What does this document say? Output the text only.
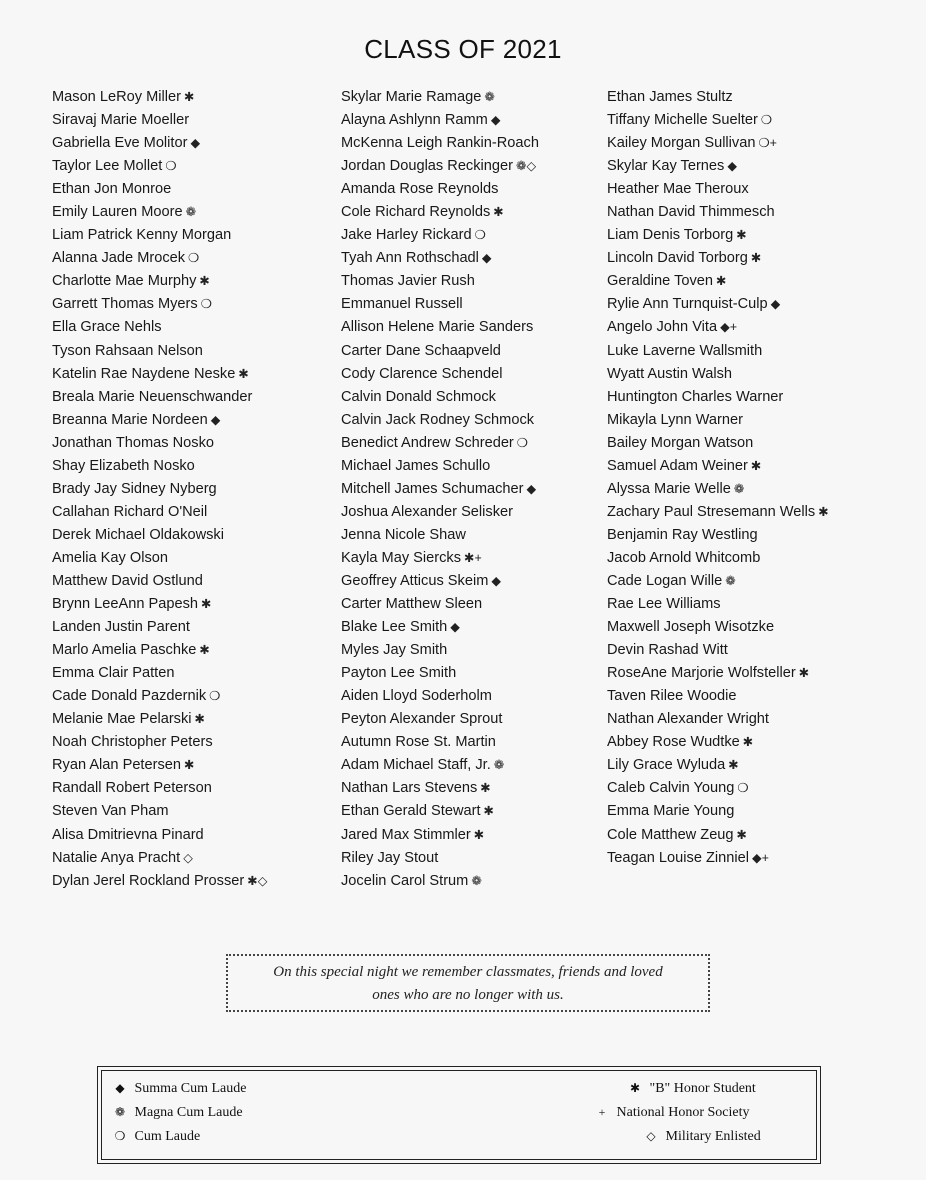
CLASS OF 2021
Mason LeRoy Miller ✱
Siravaj Marie Moeller
Gabriella Eve Molitor ◆
Taylor Lee Mollet ❍
Ethan Jon Monroe
Emily Lauren Moore ❁
Liam Patrick Kenny Morgan
Alanna Jade Mrocek ❍
Charlotte Mae Murphy ✱
Garrett Thomas Myers ❍
Ella Grace Nehls
Tyson Rahsaan Nelson
Katelin Rae Naydene Neske ✱
Breala Marie Neuenschwander
Breanna Marie Nordeen ◆
Jonathan Thomas Nosko
Shay Elizabeth Nosko
Brady Jay Sidney Nyberg
Callahan Richard O'Neil
Derek Michael Oldakowski
Amelia Kay Olson
Matthew David Ostlund
Brynn LeeAnn Papesh ✱
Landen Justin Parent
Marlo Amelia Paschke ✱
Emma Clair Patten
Cade Donald Pazdernik ❍
Melanie Mae Pelarski ✱
Noah Christopher Peters
Ryan Alan Petersen ✱
Randall Robert Peterson
Steven Van Pham
Alisa Dmitrievna Pinard
Natalie Anya Pracht ◇
Dylan Jerel Rockland Prosser ✱◇
Skylar Marie Ramage ❁
Alayna Ashlynn Ramm ◆
McKenna Leigh Rankin-Roach
Jordan Douglas Reckinger ❁◇
Amanda Rose Reynolds
Cole Richard Reynolds ✱
Jake Harley Rickard ❍
Tyah Ann Rothschadl ◆
Thomas Javier Rush
Emmanuel Russell
Allison Helene Marie Sanders
Carter Dane Schaapveld
Cody Clarence Schendel
Calvin Donald Schmock
Calvin Jack Rodney Schmock
Benedict Andrew Schreder ❍
Michael James Schullo
Mitchell James Schumacher ◆
Joshua Alexander Selisker
Jenna Nicole Shaw
Kayla May Siercks ✱+
Geoffrey Atticus Skeim ◆
Carter Matthew Sleen
Blake Lee Smith ◆
Myles Jay Smith
Payton Lee Smith
Aiden Lloyd Soderholm
Peyton Alexander Sprout
Autumn Rose St. Martin
Adam Michael Staff, Jr. ❁
Nathan Lars Stevens ✱
Ethan Gerald Stewart ✱
Jared Max Stimmler ✱
Riley Jay Stout
Jocelin Carol Strum ❁
Ethan James Stultz
Tiffany Michelle Suelter ❍
Kailey Morgan Sullivan ❍+
Skylar Kay Ternes ◆
Heather Mae Theroux
Nathan David Thimmesch
Liam Denis Torborg ✱
Lincoln David Torborg ✱
Geraldine Toven ✱
Rylie Ann Turnquist-Culp ◆
Angelo John Vita ◆+
Luke Laverne Wallsmith
Wyatt Austin Walsh
Huntington Charles Warner
Mikayla Lynn Warner
Bailey Morgan Watson
Samuel Adam Weiner ✱
Alyssa Marie Welle ❁
Zachary Paul Stresemann Wells ✱
Benjamin Ray Westling
Jacob Arnold Whitcomb
Cade Logan Wille ❁
Rae Lee Williams
Maxwell Joseph Wisotzke
Devin Rashad Witt
RoseAne Marjorie Wolfsteller ✱
Taven Rilee Woodie
Nathan Alexander Wright
Abbey Rose Wudtke ✱
Lily Grace Wyluda ✱
Caleb Calvin Young ❍
Emma Marie Young
Cole Matthew Zeug ✱
Teagan Louise Zinniel ◆+
On this special night we remember classmates, friends and loved
ones who are no longer with us.
◆ Summa Cum Laude
❁ Magna Cum Laude
❍ Cum Laude
✱ "B" Honor Student
+ National Honor Society
◇ Military Enlisted
